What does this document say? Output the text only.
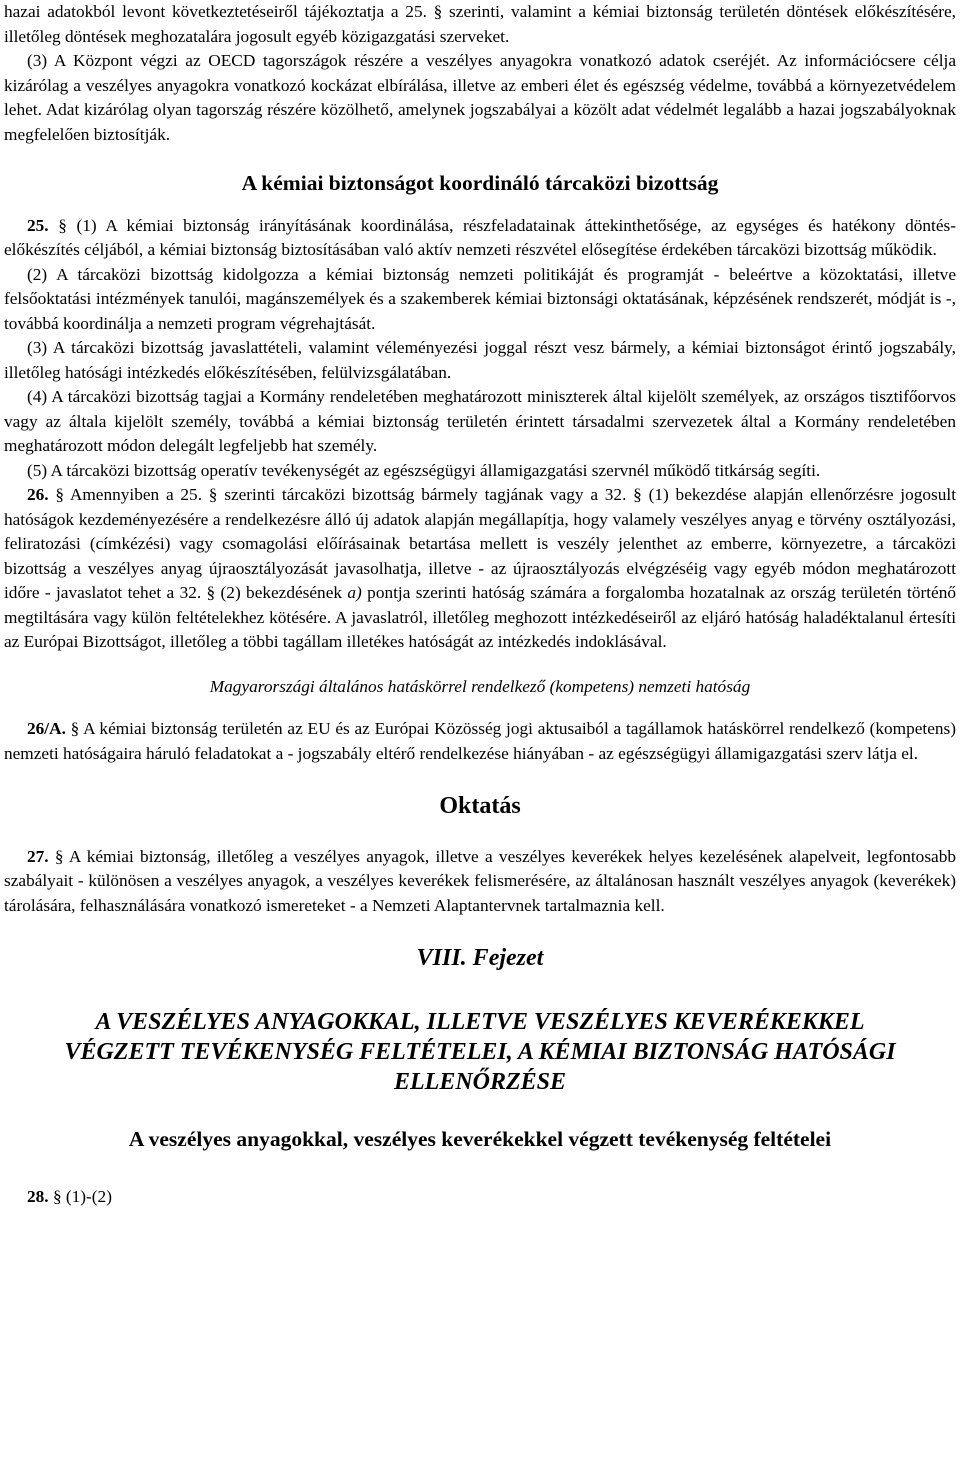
hazai adatokból levont következtetéseiről tájékoztatja a 25. § szerinti, valamint a kémiai biztonság területén döntések előkészítésére, illetőleg döntések meghozatalára jogosult egyéb közigazgatási szerveket.

(3) A Központ végzi az OECD tagországok részére a veszélyes anyagokra vonatkozó adatok cseréjét. Az információcsere célja kizárólag a veszélyes anyagokra vonatkozó kockázat elbírálása, illetve az emberi élet és egészség védelme, továbbá a környezetvédelem lehet. Adat kizárólag olyan tagország részére közölhető, amelynek jogszabályai a közölt adat védelmét legalább a hazai jogszabályoknak megfelelően biztosítják.

A kémiai biztonságot koordináló tárcaközi bizottság

25. § (1) A kémiai biztonság irányításának koordinálása, részfeladatainak áttekinthetősége, az egységes és hatékony döntés-előkészítés céljából, a kémiai biztonság biztosításában való aktív nemzeti részvétel elősegítése érdekében tárcaközi bizottság működik.

(2) A tárcaközi bizottság kidolgozza a kémiai biztonság nemzeti politikáját és programját - beleértve a közoktatási, illetve felsőoktatási intézmények tanulói, magánszemélyek és a szakemberek kémiai biztonsági oktatásának, képzésének rendszerét, módját is -, továbbá koordinálja a nemzeti program végrehajtását.

(3) A tárcaközi bizottság javaslattételi, valamint véleményezési joggal részt vesz bármely, a kémiai biztonságot érintő jogszabály, illetőleg hatósági intézkedés előkészítésében, felülvizsgálatában.

(4) A tárcaközi bizottság tagjai a Kormány rendeletében meghatározott miniszterek által kijelölt személyek, az országos tisztifőorvos vagy az általa kijelölt személy, továbbá a kémiai biztonság területén érintett társadalmi szervezetek által a Kormány rendeletében meghatározott módon delegált legfeljebb hat személy.

(5) A tárcaközi bizottság operatív tevékenységét az egészségügyi államigazgatási szervnél működő titkárság segíti.

26. § Amennyiben a 25. § szerinti tárcaközi bizottság bármely tagjának vagy a 32. § (1) bekezdése alapján ellenőrzésre jogosult hatóságok kezdeményezésére a rendelkezésre álló új adatok alapján megállapítja, hogy valamely veszélyes anyag e törvény osztályozási, feliratozási (címkézési) vagy csomagolási előírásainak betartása mellett is veszély jelenthet az emberre, környezetre, a tárcaközi bizottság a veszélyes anyag újraosztályozását javasolhatja, illetve - az újraosztályozás elvégzéséig vagy egyéb módon meghatározott időre - javaslatot tehet a 32. § (2) bekezdésének a) pontja szerinti hatóság számára a forgalomba hozatalnak az ország területén történő megtiltására vagy külön feltételekhez kötésére. A javaslatról, illetőleg meghozott intézkedéseiről az eljáró hatóság haladéktalanul értesíti az Európai Bizottságot, illetőleg a többi tagállam illetékes hatóságát az intézkedés indoklásával.

Magyarországi általános hatáskörrel rendelkező (kompetens) nemzeti hatóság

26/A. § A kémiai biztonság területén az EU és az Európai Közösség jogi aktusaiból a tagállamok hatáskörrel rendelkező (kompetens) nemzeti hatóságaira háruló feladatokat a - jogszabály eltérő rendelkezése hiányában - az egészségügyi államigazgatási szerv látja el.

Oktatás

27. § A kémiai biztonság, illetőleg a veszélyes anyagok, illetve a veszélyes keverékek helyes kezelésének alapelveit, legfontosabb szabályait - különösen a veszélyes anyagok, a veszélyes keverékek felismerésére, az általánosan használt veszélyes anyagok (keverékek) tárolására, felhasználására vonatkozó ismereteket - a Nemzeti Alaptantervnek tartalmaznia kell.

VIII. Fejezet
A VESZÉLYES ANYAGOKKAL, ILLETVE VESZÉLYES KEVERÉKEKKEL
VÉGZETT TEVÉKENYSÉG FELTÉTELEI, A KÉMIAI BIZTONSÁG HATÓSÁGI
ELLENŐRZÉSE
A veszélyes anyagokkal, veszélyes keverékekkel végzett tevékenység feltételei

28. § (1)-(2)
